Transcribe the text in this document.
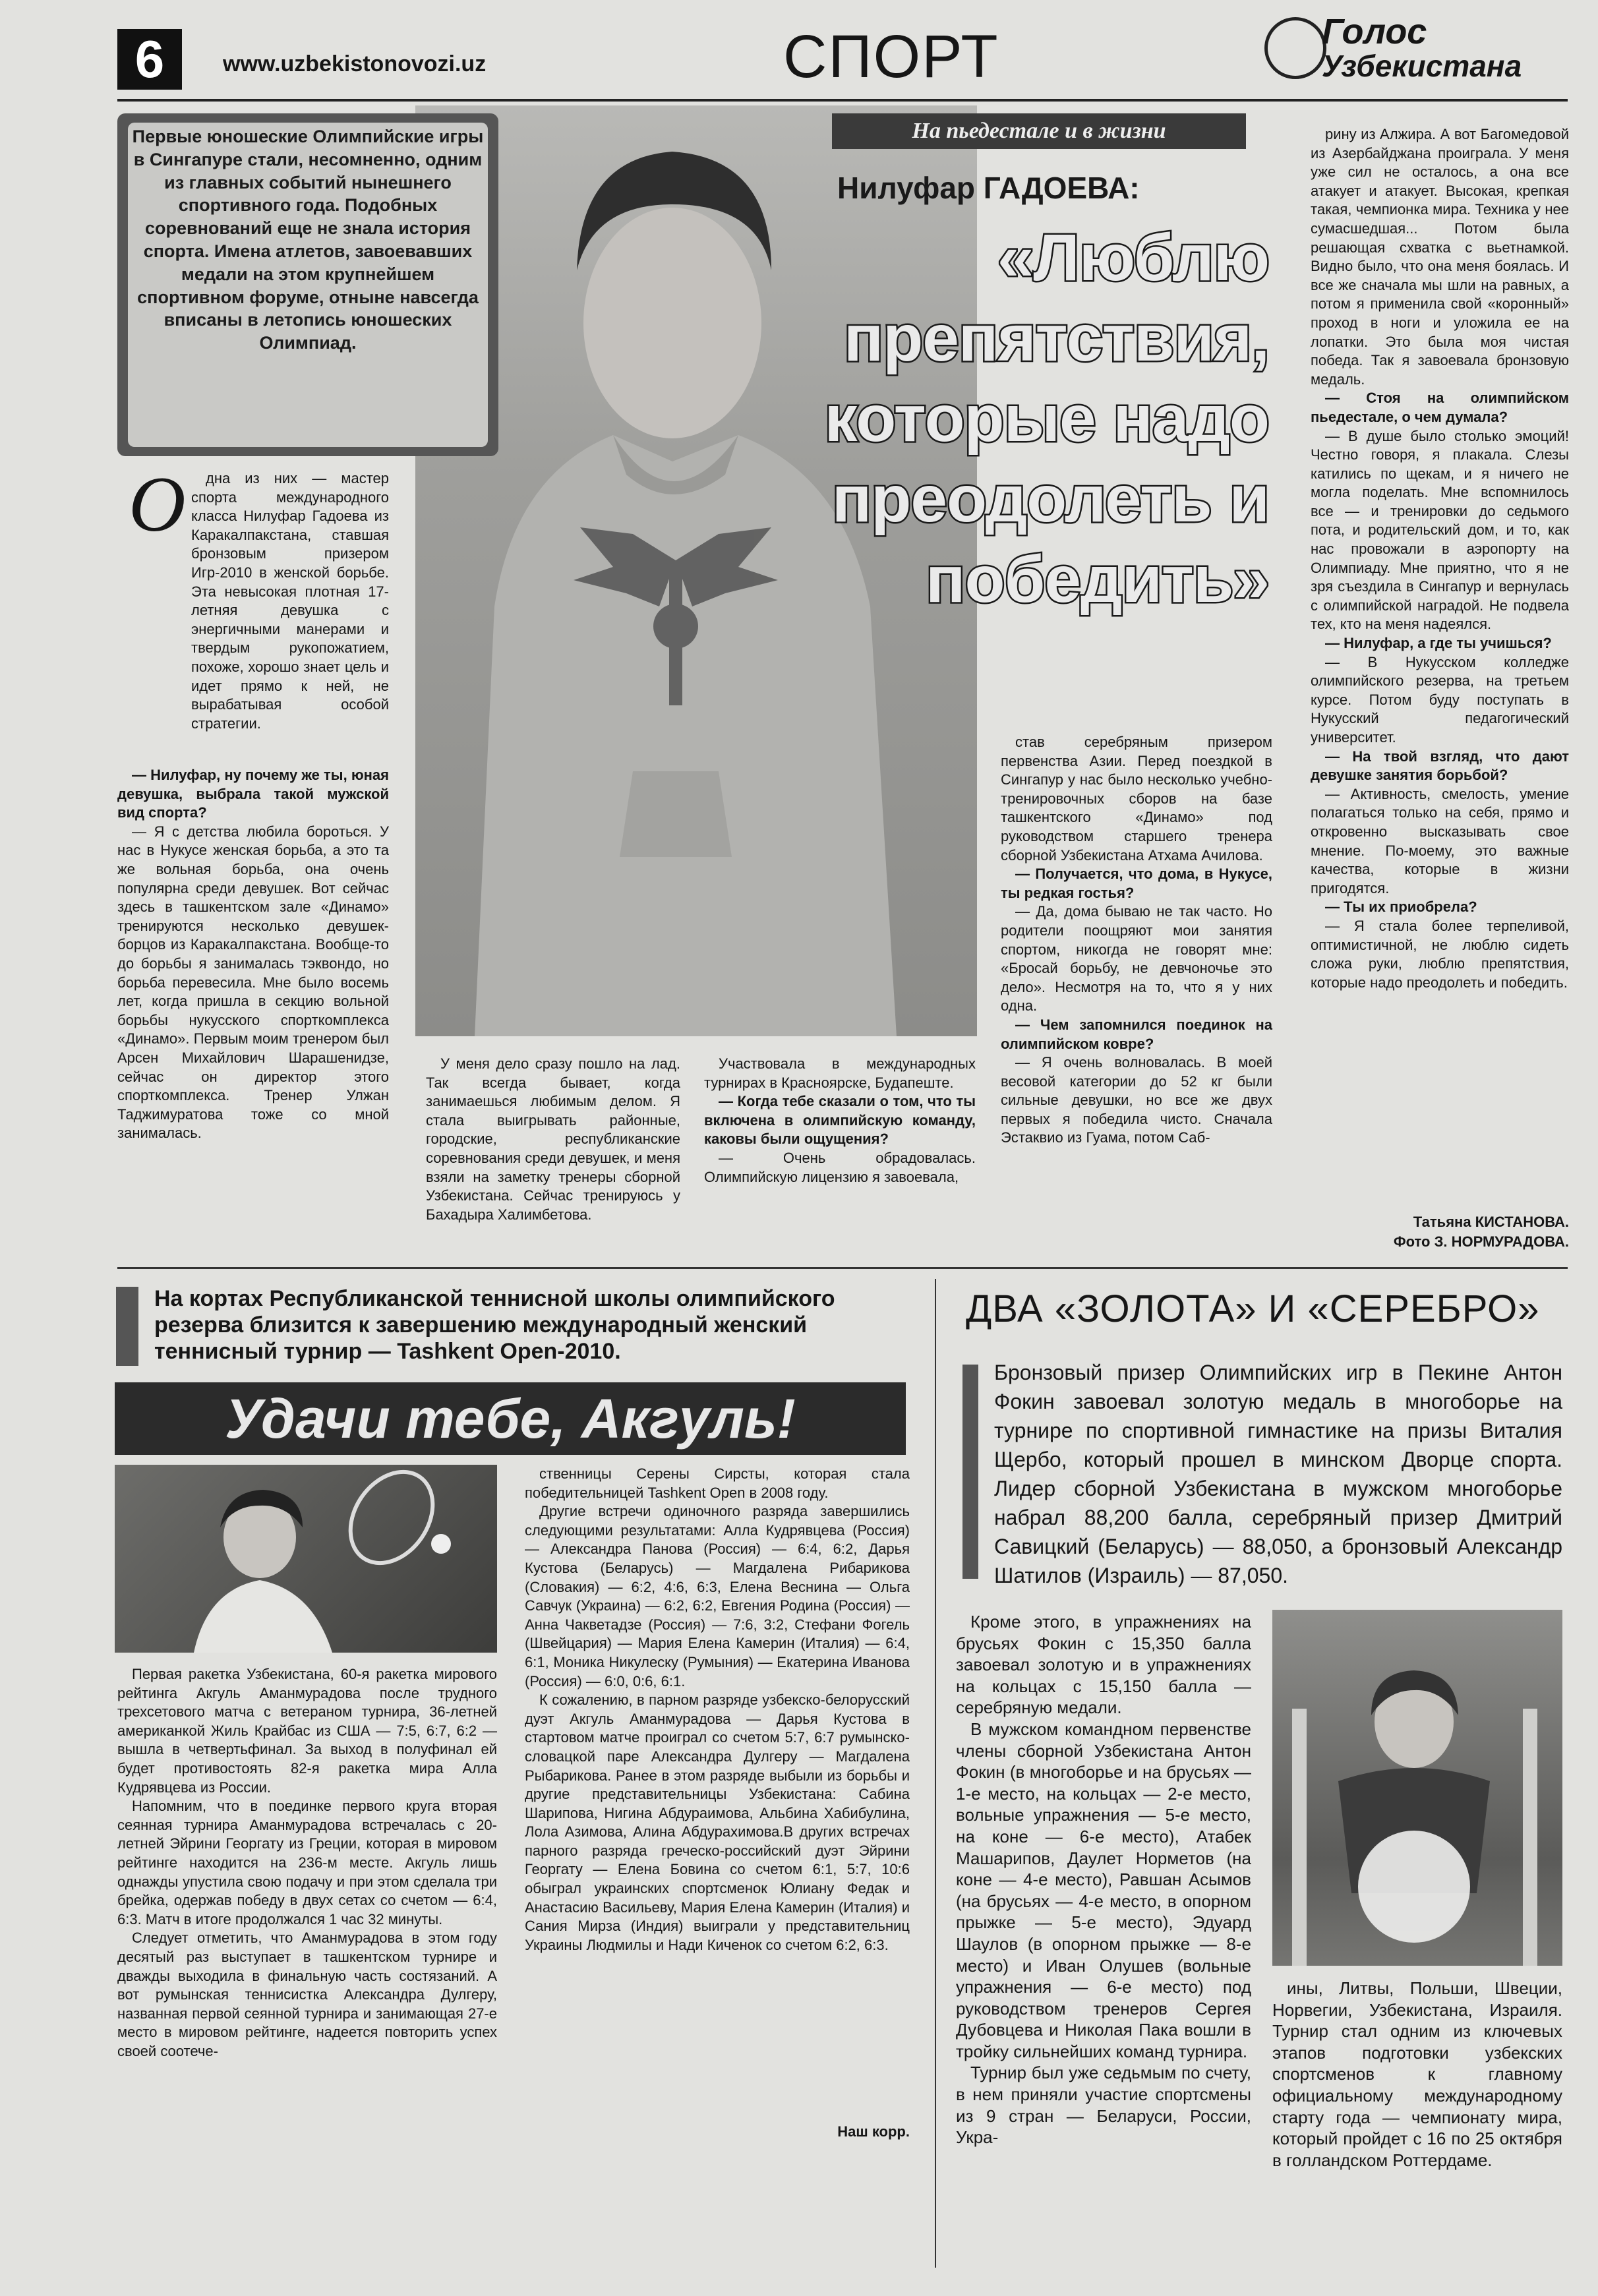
6	www.uzbekistonovozi.uz	СПОРТ	Голос
Узбекистана
Первые юношеские Олимпийские игры в Сингапуре стали, несомненно, одним из главных событий нынешнего спортивного года. Подобных соревнований еще не знала история спорта. Имена атлетов, завоевавших медали на этом крупнейшем спортивном форуме, отныне навсегда вписаны в летопись юношеских Олимпиад.
На пьедестале и в жизни
Нилуфар ГАДОЕВА:
«Люблю препятствия, которые надо преодолеть и победить»
О	дна из них — мастер спорта международного класса Нилуфар Гадоева из Каракалпакстана, ставшая бронзовым призером Игр-2010 в женской борьбе. Эта невысокая плотная 17-летняя девушка с энергичными манерами и твердым рукопожатием, похоже, хорошо знает цель и идет прямо к ней, не вырабатывая особой стратегии.

— Нилуфар, ну почему же ты, юная девушка, выбрала такой мужской вид спорта?

— Я с детства любила бороться. У нас в Нукусе женская борьба, а это та же вольная борьба, она очень популярна среди девушек. Вот сейчас здесь в ташкентском зале «Динамо» тренируются несколько девушек-борцов из Каракалпакстана. Вообще-то до борьбы я занималась тэквондо, но борьба перевесила. Мне было восемь лет, когда пришла в секцию вольной борьбы нукусского спорткомплекса «Динамо». Первым моим тренером был Арсен Михайлович Шарашенидзе, сейчас он директор этого спорткомплекса. Тренер Улжан Таджимуратова тоже со мной занималась.

У меня дело сразу пошло на лад. Так всегда бывает, когда занимаешься любимым делом. Я стала выигрывать районные, городские, республиканские соревнования среди девушек, и меня взяли на заметку тренеры сборной Узбекистана. Сейчас тренируюсь у Бахадыра Халимбетова.

Участвовала в международных турнирах в Красноярске, Будапеште.

— Когда тебе сказали о том, что ты включена в олимпийскую команду, каковы были ощущения?

— Очень обрадовалась. Олимпийскую лицензию я завоевала,

став серебряным призером первенства Азии. Перед поездкой в Сингапур у нас было несколько учебно-тренировочных сборов на базе ташкентского «Динамо» под руководством старшего тренера сборной Узбекистана Атхама Ачилова.

— Получается, что дома, в Нукусе, ты редкая гостья?

— Да, дома бываю не так часто. Но родители поощряют мои занятия спортом, никогда не говорят мне: «Бросай борьбу, не девчоночье это дело». Несмотря на то, что я у них одна.

— Чем запомнился поединок на олимпийском ковре?

— Я очень волновалась. В моей весовой категории до 52 кг были сильные девушки, но все же двух первых я победила чисто. Сначала Эстаквио из Гуама, потом Саб-

рину из Алжира. А вот Багомедовой из Азербайджана проиграла. У меня уже сил не осталось, а она все атакует и атакует. Высокая, крепкая такая, чемпионка мира. Техника у нее сумасшедшая... Потом была решающая схватка с вьетнамкой. Видно было, что она меня боялась. И все же сначала мы шли на равных, а потом я применила свой «коронный» проход в ноги и уложила ее на лопатки. Это была моя чистая победа. Так я завоевала бронзовую медаль.

— Стоя на олимпийском пьедестале, о чем думала?

— В душе было столько эмоций! Честно говоря, я плакала. Слезы катились по щекам, и я ничего не могла поделать. Мне вспомнилось все — и тренировки до седьмого пота, и родительский дом, и то, как нас провожали в аэропорту на Олимпиаду. Мне приятно, что я не зря съездила в Сингапур и вернулась с олимпийской наградой. Не подвела тех, кто на меня надеялся.

— Нилуфар, а где ты учишься?

— В Нукусском колледже олимпийского резерва, на третьем курсе. Потом буду поступать в Нукусский педагогический университет.

— На твой взгляд, что дают девушке занятия борьбой?

— Активность, смелость, умение полагаться только на себя, прямо и откровенно высказывать свое мнение. По-моему, это важные качества, которые в жизни пригодятся.

— Ты их приобрела?

— Я стала более терпеливой, оптимистичной, не люблю сидеть сложа руки, люблю препятствия, которые надо преодолеть и победить.

Татьяна КИСТАНОВА.
Фото З. НОРМУРАДОВА.
На кортах Республиканской теннисной школы олимпийского резерва близится к завершению международный женский теннисный турнир — Tashkent Open-2010.
Удачи тебе, Акгуль!

Первая ракетка Узбекистана, 60-я ракетка мирового рейтинга Акгуль Аманмурадова после трудного трехсетового матча с ветераном турнира, 36-летней американкой Жиль Крайбас из США — 7:5, 6:7, 6:2 — вышла в четвертьфинал. За выход в полуфинал ей будет противостоять 82-я ракетка мира Алла Кудрявцева из России.

Напомним, что в поединке первого круга вторая сеянная турнира Аманмурадова встречалась с 20-летней Эйрини Георгату из Греции, которая в мировом рейтинге находится на 236-м месте. Акгуль лишь однажды упустила свою подачу и при этом сделала три брейка, одержав победу в двух сетах со счетом — 6:4, 6:3. Матч в итоге продолжался 1 час 32 минуты.

Следует отметить, что Аманмурадова в этом году десятый раз выступает в ташкентском турнире и дважды выходила в финальную часть состязаний. А вот румынская теннисистка Александра Дулгеру, названная первой сеянной турнира и занимающая 27-е место в мировом рейтинге, надеется повторить успех своей соотече-

ственницы Серены Сирсты, которая стала победительницей Tashkent Open в 2008 году.

Другие встречи одиночного разряда завершились следующими результатами: Алла Кудрявцева (Россия) — Александра Панова (Россия) — 6:4, 6:2, Дарья Кустова (Беларусь) — Магдалена Рибарикова (Словакия) — 6:2, 4:6, 6:3, Елена Веснина — Ольга Савчук (Украина) — 6:2, 6:2, Евгения Родина (Россия) — Анна Чакветадзе (Россия) — 7:6, 3:2, Стефани Фогель (Швейцария) — Мария Елена Камерин (Италия) — 6:4, 6:1, Моника Никулеску (Румыния) — Екатерина Иванова (Россия) — 6:0, 0:6, 6:1.

К сожалению, в парном разряде узбекско-белорусский дуэт Акгуль Аманмурадова — Дарья Кустова в стартовом матче проиграл со счетом 5:7, 6:7 румынско-словацкой паре Александра Дулгеру — Магдалена Рыбарикова. Ранее в этом разряде выбыли из борьбы и другие представительницы Узбекистана: Сабина Шарипова, Нигина Абдураимова, Альбина Хабибулина, Лола Азимова, Алина Абдурахимова.В других встречах парного разряда греческо-российский дуэт Эйрини Георгату — Елена Бовина со счетом 6:1, 5:7, 10:6 обыграл украинских спортсменок Юлиану Федак и Анастасию Васильеву, Мария Елена Камерин (Италия) и Сания Мирза (Индия) выиграли у представительниц Украины Людмилы и Нади Киченок со счетом 6:2, 6:3.

Наш корр.
ДВА «ЗОЛОТА» И «СЕРЕБРО»
Бронзовый призер Олимпийских игр в Пекине Антон Фокин завоевал золотую медаль в многоборье на турнире по спортивной гимнастике на призы Виталия Щербо, который прошел в минском Дворце спорта. Лидер сборной Узбекистана в мужском многоборье набрал 88,200 балла, серебряный призер Дмитрий Савицкий (Беларусь) — 88,050, а бронзовый Александр Шатилов (Израиль) — 87,050.

Кроме этого, в упражнениях на брусьях Фокин с 15,350 балла завоевал золотую и в упражнениях на кольцах с 15,150 балла — серебряную медали.

В мужском командном первенстве члены сборной Узбекистана Антон Фокин (в многоборье и на брусьях — 1-е место, на кольцах — 2-е место, вольные упражнения — 5-е место, на коне — 6-е место), Атабек Машарипов, Даулет Норметов (на коне — 4-е место), Равшан Асымов (на брусьях — 4-е место, в опорном прыжке — 5-е место), Эдуард Шаулов (в опорном прыжке — 8-е место) и Иван Олушев (вольные упражнения — 6-е место) под руководством тренеров Сергея Дубовцева и Николая Пака вошли в тройку сильнейших команд турнира.

Турнир был уже седьмым по счету, в нем приняли участие спортсмены из 9 стран — Беларуси, России, Укра-

ины, Литвы, Польши, Швеции, Норвегии, Узбекистана, Израиля. Турнир стал одним из ключевых этапов подготовки узбекских спортсменов к главному официальному международному старту года — чемпионату мира, который пройдет с 16 по 25 октября в голландском Роттердаме.
